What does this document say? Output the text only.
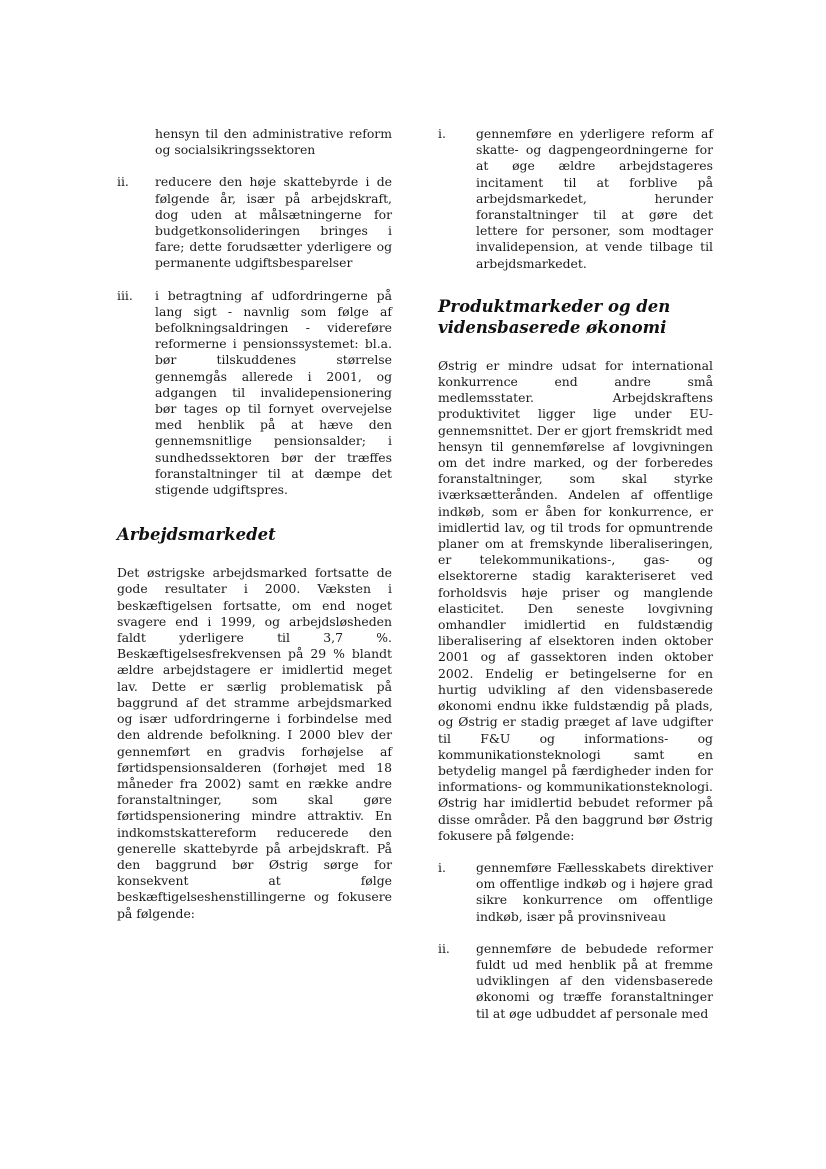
hensyn til den administrative reform og socialsikringssektoren

ii.	reducere den høje skattebyrde i de følgende år, især på arbejdskraft, dog uden at målsætningerne for budgetkonsolideringen bringes i fare; dette forudsætter yderligere og permanente udgiftsbesparelser

iii.	i betragtning af udfordringerne på lang sigt - navnlig som følge af befolkningsaldringen - videreføre reformerne i pensionssystemet: bl.a. bør tilskuddenes størrelse gennemgås allerede i 2001, og adgangen til invalidepensionering bør tages op til fornyet overvejelse med henblik på at hæve den gennemsnitlige pensionsalder; i sundhedssektoren bør der træffes foranstaltninger til at dæmpe det stigende udgiftspres.

Arbejdsmarkedet

Det østrigske arbejdsmarked fortsatte de gode resultater i 2000. Væksten i beskæftigelsen fortsatte, om end noget svagere end i 1999, og arbejdsløsheden faldt yderligere til 3,7 %. Beskæftigelsesfrekvensen på 29 % blandt ældre arbejdstagere er imidlertid meget lav. Dette er særlig problematisk på baggrund af det stramme arbejdsmarked og især udfordringerne i forbindelse med den aldrende befolkning. I 2000 blev der gennemført en gradvis forhøjelse af førtidspensionsalderen (forhøjet med 18 måneder fra 2002) samt en række andre foranstaltninger, som skal gøre førtidspensionering mindre attraktiv. En indkomstskattereform reducerede den generelle skattebyrde på arbejdskraft. På den baggrund bør Østrig sørge for konsekvent at følge beskæftigelseshenstillingerne og fokusere på følgende:

i.	gennemføre en yderligere reform af skatte- og dagpengeordningerne for at øge ældre arbejdstageres incitament til at forblive på arbejdsmarkedet, herunder foranstaltninger til at gøre det lettere for personer, som modtager invalidepension, at vende tilbage til arbejdsmarkedet.

Produktmarkeder og den vidensbaserede økonomi

Østrig er mindre udsat for international konkurrence end andre små medlemsstater. Arbejdskraftens produktivitet ligger lige under EU-gennemsnittet. Der er gjort fremskridt med hensyn til gennemførelse af lovgivningen om det indre marked, og der forberedes foranstaltninger, som skal styrke iværksætterånden. Andelen af offentlige indkøb, som er åben for konkurrence, er imidlertid lav, og til trods for opmuntrende planer om at fremskynde liberaliseringen, er telekommunikations-, gas- og elsektorerne stadig karakteriseret ved forholdsvis høje priser og manglende elasticitet. Den seneste lovgivning omhandler imidlertid en fuldstændig liberalisering af elsektoren inden oktober 2001 og af gassektoren inden oktober 2002. Endelig er betingelserne for en hurtig udvikling af den vidensbaserede økonomi endnu ikke fuldstændig på plads, og Østrig er stadig præget af lave udgifter til F&U og informations- og kommunikationsteknologi samt en betydelig mangel på færdigheder inden for informations- og kommunikationsteknologi. Østrig har imidlertid bebudet reformer på disse områder. På den baggrund bør Østrig fokusere på følgende:

i.	gennemføre Fællesskabets direktiver om offentlige indkøb og i højere grad sikre konkurrence om offentlige indkøb, især på provinsniveau

ii.	gennemføre de bebudede reformer fuldt ud med henblik på at fremme udviklingen af den vidensbaserede økonomi og træffe foranstaltninger til at øge udbuddet af personale med
